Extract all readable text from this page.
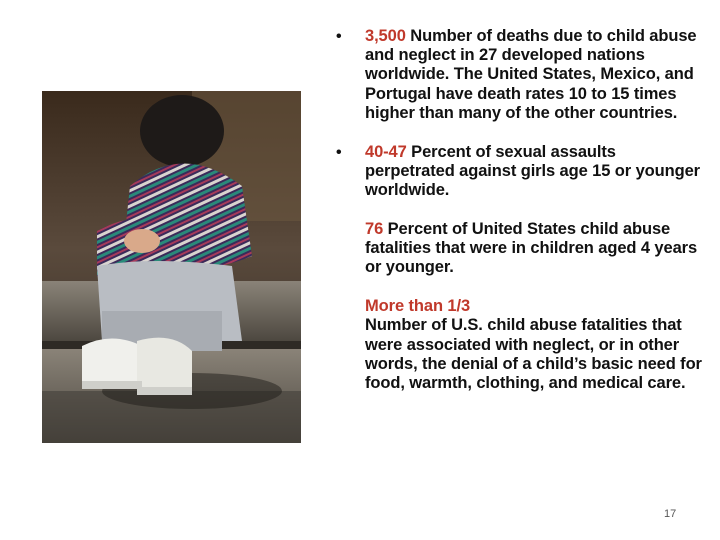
•	3,500 Number of deaths due to child abuse and neglect in 27 developed nations worldwide. The United States, Mexico, and Portugal have death rates 10 to 15 times higher than many of the other countries.
•	40-47 Percent of sexual assaults perpetrated against girls age 15 or younger worldwide.
76 Percent of United States child abuse fatalities that were in children aged 4 years or younger.
More than 1/3
Number of U.S. child abuse fatalities that were associated with neglect, or in other words, the denial of a child’s basic need for food, warmth, clothing, and medical care.
17
